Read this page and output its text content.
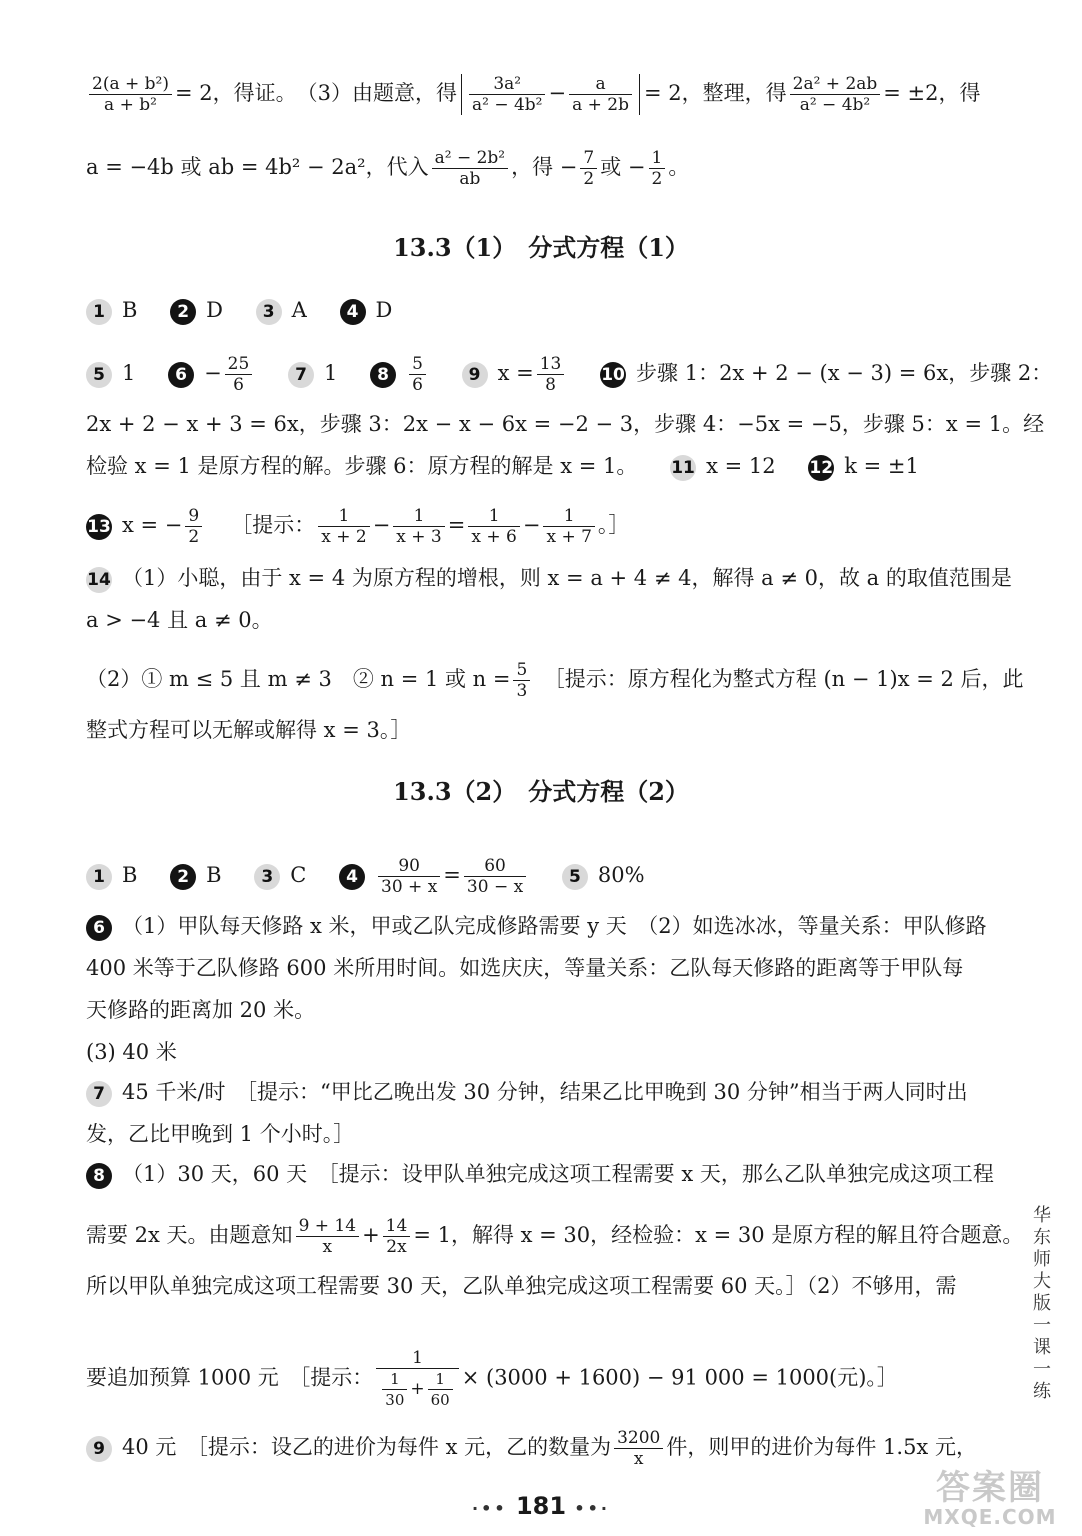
$\frac{\text{2(a + b²)}}{\text{a + b²}} = 2$，得证。　（3）由题意，得 $\frac{\text{3a²}}{\text{a² − 4b²}} - \frac{a}{a + 2b} = 2$，整理，得 $\frac{\text{2a² + 2ab}}{\text{a² − 4b²}} = \pm 2$，得
a = −4b 或 ab = 4b² − 2a²，代入 $\frac{\text{a² − 2b²}}{ab}$ ，得 − $\frac{7}{2}$ 或 − $\frac{1}{2}$ 。
13.3（1）　分式方程（1）
1 B 2 D 3 A 4 D
5 1 $6 - \frac{25}{6}$	7 1 $8 \frac{5}{6}$	9 $x = \frac{13}{8} 10$ 步骤 1：2x + 2 − (x − 3) = 6x，步骤 2：
2x + 2 − x + 3 = 6x，步骤 3：2x − x − 6x = −2 − 3，步骤 4：−5x = −5，步骤 5：x = 1。经
检验 x = 1 是原方程的解。步骤 6：原方程的解是 x = 1。 11 x = 12 12 k = ±1
13 x = − $\frac{9}{2}$ ［提示： $\frac{1}{x + 2} - \frac{1}{x + 3} = \frac{1}{x + 6} - \frac{1}{x + 7}$ 。］
14 （1）小聪，由于 x = 4 为原方程的增根，则 x = a + 4 ≠ 4，解得 a ≠ 0，故 a 的取值范围是
a > −4 且 a ≠ 0。
（2）① m ≤ 5 且 m ≠ 3　② n = 1 或 $n = \frac{5}{3}$ 　［提示：原方程化为整式方程 (n − 1)x = 2 后，此
整式方程可以无解或解得 x = 3。］
13.3（2）　分式方程（2）
1 B 2 B 3 C $4 \frac{90}{30 + x} = \frac{60}{30 - x}$	5 80%
6 （1）甲队每天修路 x 米，甲或乙队完成修路需要 y 天　（2）如选冰冰，等量关系：甲队修路
400 米等于乙队修路 600 米所用时间。如选庆庆，等量关系：乙队每天修路的距离等于甲队每
天修路的距离加 20 米。
(3) 40 米
7 45 千米/时　［提示：“甲比乙晚出发 30 分钟，结果乙比甲晚到 30 分钟”相当于两人同时出
发，乙比甲晚到 1 个小时。］
8 （1）30 天，60 天　［提示：设甲队单独完成这项工程需要 x 天，那么乙队单独完成这项工程
需要 2x 天。由题意知 $\frac{9 + 14}{x} + \frac{14}{2x} = 1$，解得 x = 30，经检验：x = 30 是原方程的解且符合题意。
所以甲队单独完成这项工程需要 30 天，乙队单独完成这项工程需要 60 天。］（2）不够用，需
要追加预算 1000 元　［提示： $\frac{1}{\frac{1}{30} + \frac{1}{60}} \times (3000 + 1600) - 91$ 000 = 1000(元)。］
9 40 元　［提示：设乙的进价为每件 x 元，乙的数量为 $\frac{3200}{x}$ 件，则甲的进价为每件 1.5x 元，
华东师大版一课一练
·•• 181 ••·
答案圈
MXQE.COM
